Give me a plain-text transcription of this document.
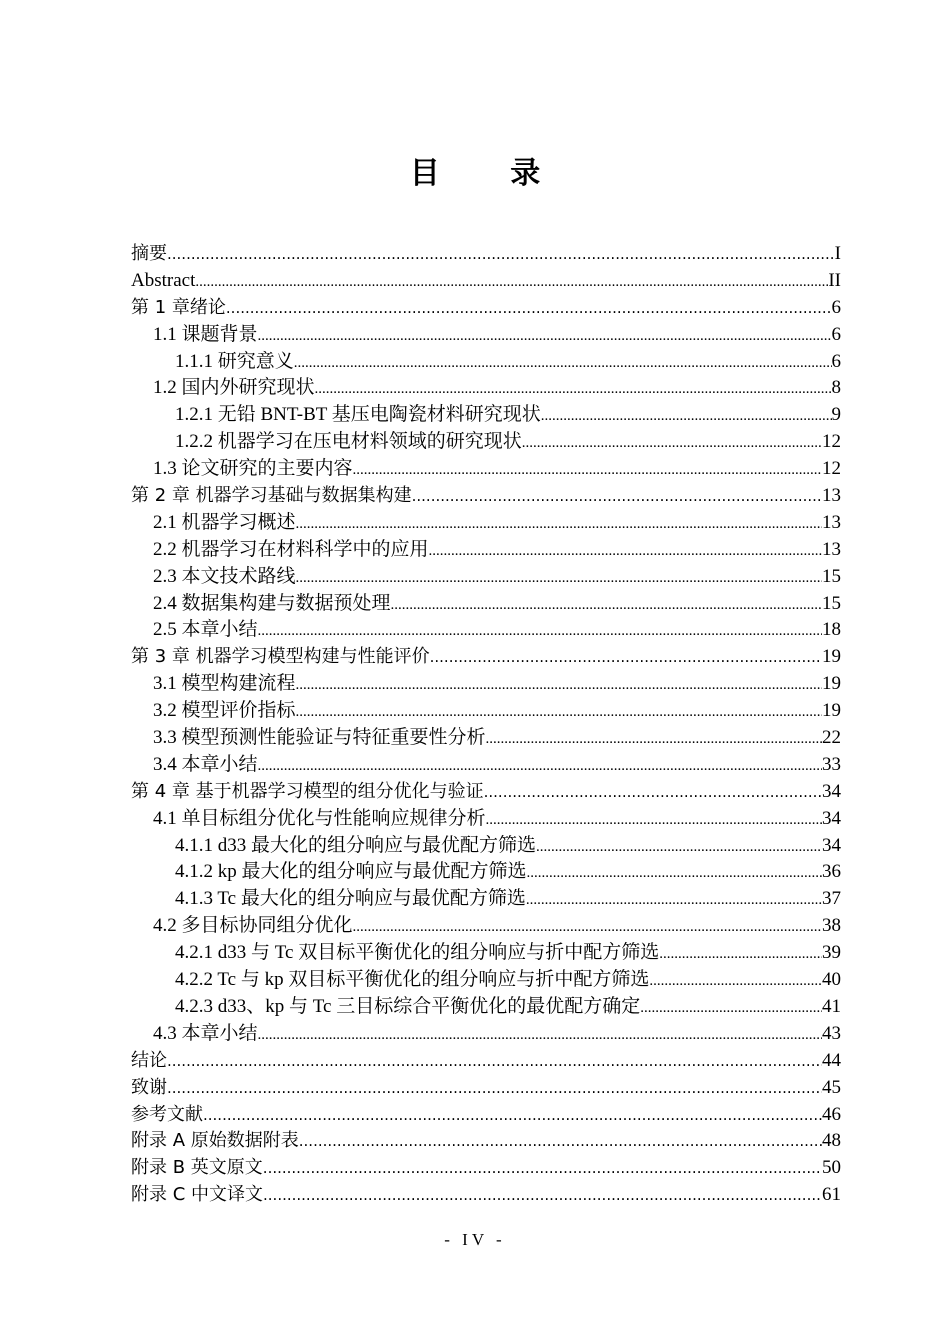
目 录
摘要 .....	I
Abstract .....	II
第 1 章绪论 .....	6
1.1 课题背景 .....	6
1.1.1 研究意义 .....	6
1.2 国内外研究现状 .....	8
1.2.1 无铅 BNT-BT 基压电陶瓷材料研究现状 .....	9
1.2.2 机器学习在压电材料领域的研究现状 .....	12
1.3 论文研究的主要内容 .....	12
第 2 章 机器学习基础与数据集构建 .....	13
2.1 机器学习概述 .....	13
2.2 机器学习在材料科学中的应用 .....	13
2.3 本文技术路线 .....	15
2.4 数据集构建与数据预处理 .....	15
2.5 本章小结 .....	18
第 3 章 机器学习模型构建与性能评价 .....	19
3.1 模型构建流程 .....	19
3.2 模型评价指标 .....	19
3.3 模型预测性能验证与特征重要性分析 .....	22
3.4 本章小结 .....	33
第 4 章 基于机器学习模型的组分优化与验证 .....	34
4.1 单目标组分优化与性能响应规律分析 .....	34
4.1.1 d33 最大化的组分响应与最优配方筛选 .....	34
4.1.2 kp 最大化的组分响应与最优配方筛选 .....	36
4.1.3 Tc 最大化的组分响应与最优配方筛选 .....	37
4.2 多目标协同组分优化 .....	38
4.2.1 d33 与 Tc 双目标平衡优化的组分响应与折中配方筛选 .....	39
4.2.2 Tc 与 kp 双目标平衡优化的组分响应与折中配方筛选 .....	40
4.2.3 d33、kp 与 Tc 三目标综合平衡优化的最优配方确定 .....	41
4.3 本章小结 .....	43
结论 .....	44
致谢 .....	45
参考文献 .....	46
附录 A 原始数据附表 .....	48
附录 B 英文原文 .....	50
附录 C 中文译文 .....	61
- IV -
